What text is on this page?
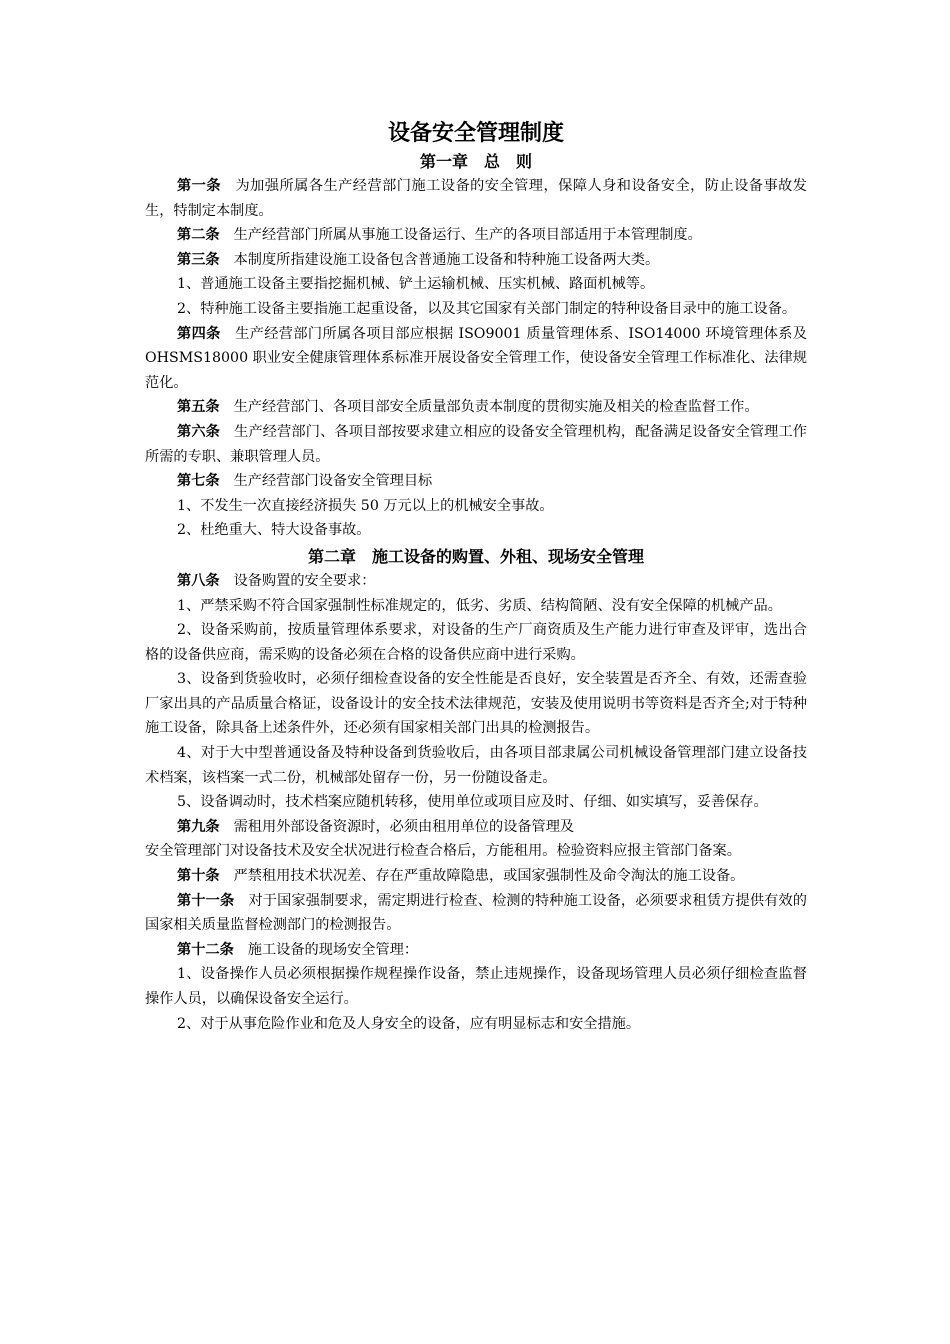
设备安全管理制度
第一章　总　则

第一条 为加强所属各生产经营部门施工设备的安全管理，保障人身和设备安全，防止设备事故发生，特制定本制度。

第二条 生产经营部门所属从事施工设备运行、生产的各项目部适用于本管理制度。

第三条 本制度所指建设施工设备包含普通施工设备和特种施工设备两大类。

1、普通施工设备主要指挖掘机械、铲土运输机械、压实机械、路面机械等。

2、特种施工设备主要指施工起重设备，以及其它国家有关部门制定的特种设备目录中的施工设备。

第四条 生产经营部门所属各项目部应根据 ISO9001 质量管理体系、ISO14000 环境管理体系及 OHSMS18000 职业安全健康管理体系标准开展设备安全管理工作，使设备安全管理工作标准化、法律规范化。

第五条 生产经营部门、各项目部安全质量部负责本制度的贯彻实施及相关的检查监督工作。

第六条 生产经营部门、各项目部按要求建立相应的设备安全管理机构，配备满足设备安全管理工作所需的专职、兼职管理人员。

第七条 生产经营部门设备安全管理目标

1、不发生一次直接经济损失 50 万元以上的机械安全事故。

2、杜绝重大、特大设备事故。

第二章　施工设备的购置、外租、现场安全管理

第八条 设备购置的安全要求：

1、严禁采购不符合国家强制性标准规定的，低劣、劣质、结构简陋、没有安全保障的机械产品。

2、设备采购前，按质量管理体系要求，对设备的生产厂商资质及生产能力进行审查及评审，选出合格的设备供应商，需采购的设备必须在合格的设备供应商中进行采购。

3、设备到货验收时，必须仔细检查设备的安全性能是否良好，安全装置是否齐全、有效，还需查验厂家出具的产品质量合格证，设备设计的安全技术法律规范，安装及使用说明书等资料是否齐全;对于特种施工设备，除具备上述条件外，还必须有国家相关部门出具的检测报告。

4、对于大中型普通设备及特种设备到货验收后，由各项目部隶属公司机械设备管理部门建立设备技术档案，该档案一式二份，机械部处留存一份，另一份随设备走。

5、设备调动时，技术档案应随机转移，使用单位或项目应及时、仔细、如实填写，妥善保存。

第九条 需租用外部设备资源时，必须由租用单位的设备管理及

安全管理部门对设备技术及安全状况进行检查合格后，方能租用。检验资料应报主管部门备案。

第十条 严禁租用技术状况差、存在严重故障隐患，或国家强制性及命令淘汰的施工设备。

第十一条 对于国家强制要求，需定期进行检查、检测的特种施工设备，必须要求租赁方提供有效的国家相关质量监督检测部门的检测报告。

第十二条 施工设备的现场安全管理：

1、设备操作人员必须根据操作规程操作设备，禁止违规操作，设备现场管理人员必须仔细检查监督操作人员，以确保设备安全运行。

2、对于从事危险作业和危及人身安全的设备，应有明显标志和安全措施。
